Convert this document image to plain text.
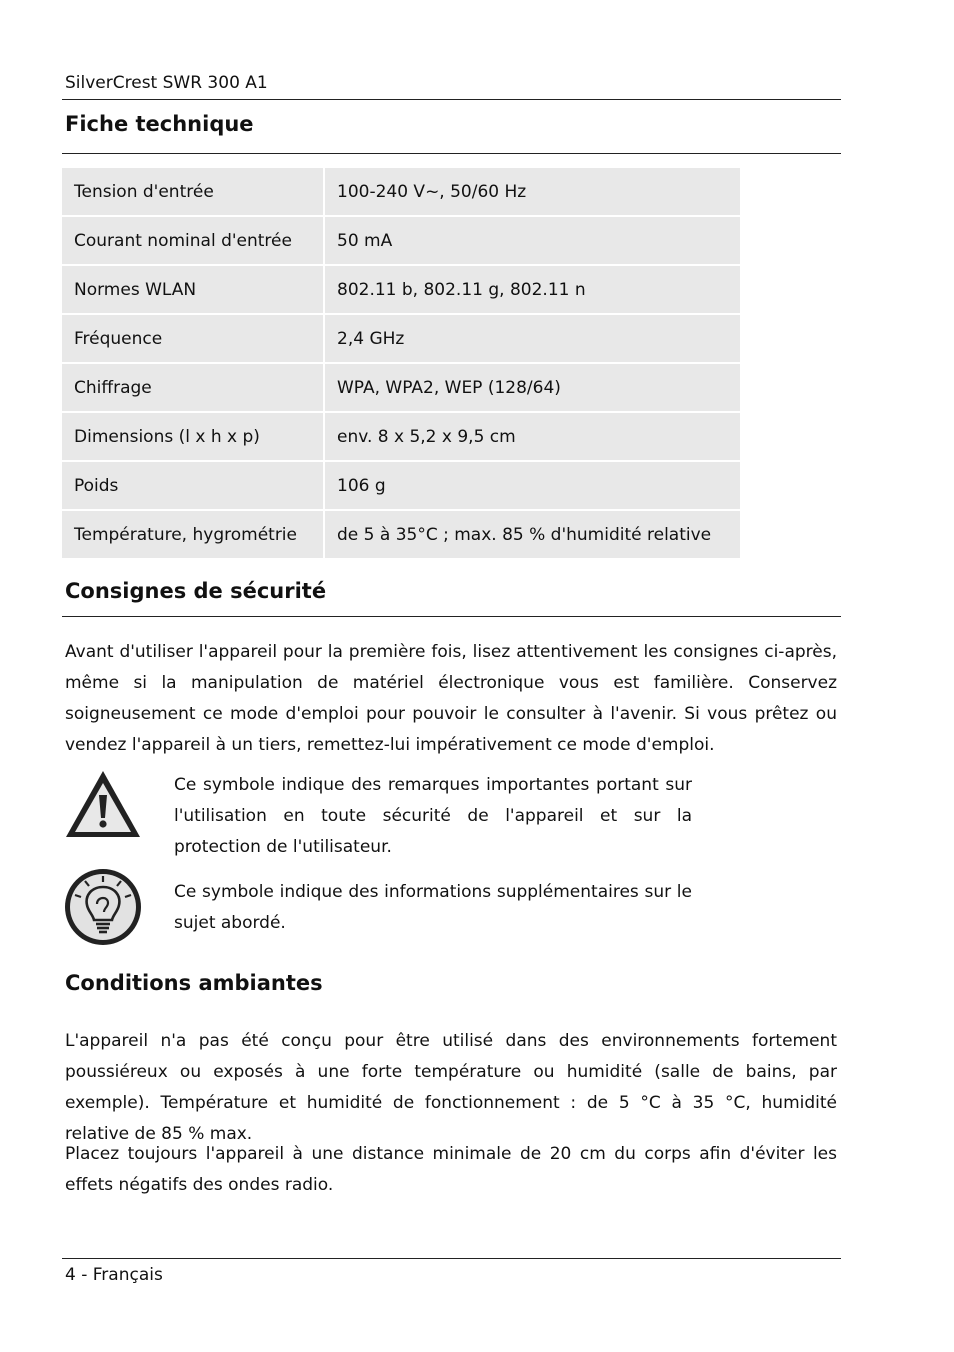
SilverCrest SWR 300 A1
Fiche technique
Tension d'entrée	100-240 V~, 50/60 Hz
Courant nominal d'entrée	50 mA
Normes WLAN	802.11 b, 802.11 g, 802.11 n
Fréquence	2,4 GHz
Chiffrage	WPA, WPA2, WEP (128/64)
Dimensions (l x h x p)	env. 8 x 5,2 x 9,5 cm
Poids	106 g
Température, hygrométrie	de 5 à 35°C ; max. 85 % d'humidité relative
Consignes de sécurité

Avant d'utiliser l'appareil pour la première fois, lisez attentivement les consignes ci-après, même si la manipulation de matériel électronique vous est familière. Conservez soigneusement ce mode d'emploi pour pouvoir le consulter à l'avenir. Si vous prêtez ou vendez l'appareil à un tiers, remettez-lui impérativement ce mode d'emploi.

Ce symbole indique des remarques importantes portant sur l'utilisation en toute sécurité de l'appareil et sur la protection de l'utilisateur.

Ce symbole indique des informations supplémentaires sur le sujet abordé.

Conditions ambiantes

L'appareil n'a pas été conçu pour être utilisé dans des environnements fortement poussiéreux ou exposés à une forte température ou humidité (salle de bains, par exemple). Température et humidité de fonctionnement : de 5 °C à 35 °C, humidité relative de 85 % max.

Placez toujours l'appareil à une distance minimale de 20 cm du corps afin d'éviter les effets négatifs des ondes radio.

4 - Français
